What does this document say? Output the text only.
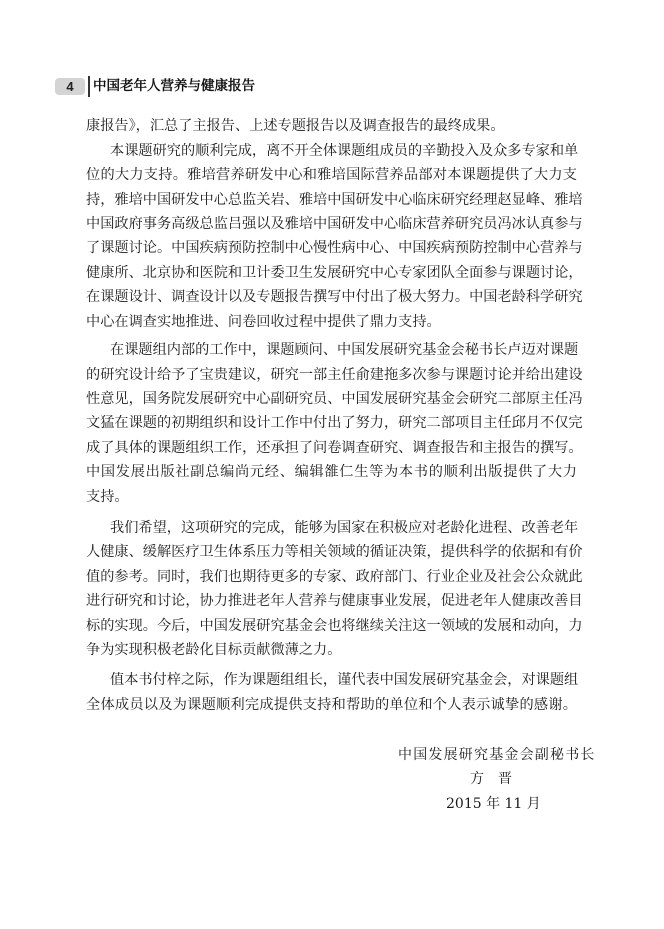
4	中国老年人营养与健康报告
康报告》，汇总了主报告、上述专题报告以及调查报告的最终成果。
本课题研究的顺利完成，离不开全体课题组成员的辛勤投入及众多专家和单
位的大力支持。雅培营养研发中心和雅培国际营养品部对本课题提供了大力支
持，雅培中国研发中心总监关岩、雅培中国研发中心临床研究经理赵显峰、雅培
中国政府事务高级总监吕强以及雅培中国研发中心临床营养研究员冯冰认真参与
了课题讨论。中国疾病预防控制中心慢性病中心、中国疾病预防控制中心营养与
健康所、北京协和医院和卫计委卫生发展研究中心专家团队全面参与课题讨论，
在课题设计、调查设计以及专题报告撰写中付出了极大努力。中国老龄科学研究
中心在调查实地推进、问卷回收过程中提供了鼎力支持。
在课题组内部的工作中，课题顾问、中国发展研究基金会秘书长卢迈对课题
的研究设计给予了宝贵建议，研究一部主任俞建拖多次参与课题讨论并给出建设
性意见，国务院发展研究中心副研究员、中国发展研究基金会研究二部原主任冯
文猛在课题的初期组织和设计工作中付出了努力，研究二部项目主任邱月不仅完
成了具体的课题组织工作，还承担了问卷调查研究、调查报告和主报告的撰写。
中国发展出版社副总编尚元经、编辑雒仁生等为本书的顺利出版提供了大力
支持。
我们希望，这项研究的完成，能够为国家在积极应对老龄化进程、改善老年
人健康、缓解医疗卫生体系压力等相关领域的循证决策，提供科学的依据和有价
值的参考。同时，我们也期待更多的专家、政府部门、行业企业及社会公众就此
进行研究和讨论，协力推进老年人营养与健康事业发展，促进老年人健康改善目
标的实现。今后，中国发展研究基金会也将继续关注这一领域的发展和动向，力
争为实现积极老龄化目标贡献微薄之力。
值本书付梓之际，作为课题组组长，谨代表中国发展研究基金会，对课题组
全体成员以及为课题顺利完成提供支持和帮助的单位和个人表示诚挚的感谢。
中国发展研究基金会副秘书长
方　晋
2015 年 11 月
